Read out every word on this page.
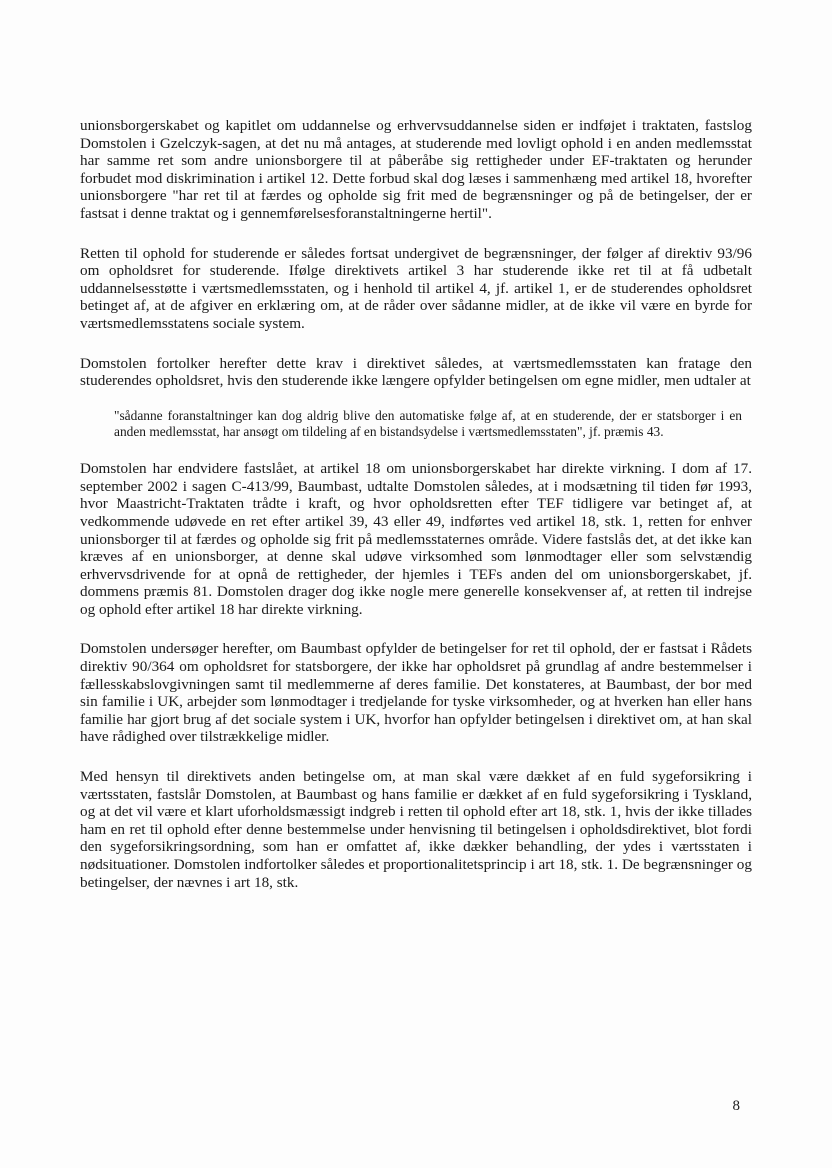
unionsborgerskabet og kapitlet om uddannelse og erhvervsuddannelse siden er indføjet i traktaten, fastslog Domstolen i Gzelczyk-sagen, at det nu må antages, at studerende med lovligt ophold i en anden medlemsstat har samme ret som andre unionsborgere til at påberåbe sig rettigheder under EF-traktaten og herunder forbudet mod diskrimination i artikel 12. Dette forbud skal dog læses i sammenhæng med artikel 18, hvorefter unionsborgere "har ret til at færdes og opholde sig frit med de begrænsninger og på de betingelser, der er fastsat i denne traktat og i gennemførelsesforanstaltningerne hertil".

Retten til ophold for studerende er således fortsat undergivet de begrænsninger, der følger af direktiv 93/96 om opholdsret for studerende. Ifølge direktivets artikel 3 har studerende ikke ret til at få udbetalt uddannelsesstøtte i værtsmedlemsstaten, og i henhold til artikel 4, jf. artikel 1, er de studerendes opholdsret betinget af, at de afgiver en erklæring om, at de råder over sådanne midler, at de ikke vil være en byrde for værtsmedlemsstatens sociale system.

Domstolen fortolker herefter dette krav i direktivet således, at værtsmedlemsstaten kan fratage den studerendes opholdsret, hvis den studerende ikke længere opfylder betingelsen om egne midler, men udtaler at

"sådanne foranstaltninger kan dog aldrig blive den automatiske følge af, at en studerende, der er statsborger i en anden medlemsstat, har ansøgt om tildeling af en bistandsydelse i værtsmedlemsstaten", jf. præmis 43.

Domstolen har endvidere fastslået, at artikel 18 om unionsborgerskabet har direkte virkning. I dom af 17. september 2002 i sagen C-413/99, Baumbast, udtalte Domstolen således, at i modsætning til tiden før 1993, hvor Maastricht-Traktaten trådte i kraft, og hvor opholdsretten efter TEF tidligere var betinget af, at vedkommende udøvede en ret efter artikel 39, 43 eller 49, indførtes ved artikel 18, stk. 1, retten for enhver unionsborger til at færdes og opholde sig frit på medlemsstaternes område. Videre fastslås det, at det ikke kan kræves af en unionsborger, at denne skal udøve virksomhed som lønmodtager eller som selvstændig erhvervsdrivende for at opnå de rettigheder, der hjemles i TEFs anden del om unionsborgerskabet, jf. dommens præmis 81. Domstolen drager dog ikke nogle mere generelle konsekvenser af, at retten til indrejse og ophold efter artikel 18 har direkte virkning.

Domstolen undersøger herefter, om Baumbast opfylder de betingelser for ret til ophold, der er fastsat i Rådets direktiv 90/364 om opholdsret for statsborgere, der ikke har opholdsret på grundlag af andre bestemmelser i fællesskabslovgivningen samt til medlemmerne af deres familie. Det konstateres, at Baumbast, der bor med sin familie i UK, arbejder som lønmodtager i tredjelande for tyske virksomheder, og at hverken han eller hans familie har gjort brug af det sociale system i UK, hvorfor han opfylder betingelsen i direktivet om, at han skal have rådighed over tilstrækkelige midler.

Med hensyn til direktivets anden betingelse om, at man skal være dækket af en fuld sygeforsikring i værtsstaten, fastslår Domstolen, at Baumbast og hans familie er dækket af en fuld sygeforsikring i Tyskland, og at det vil være et klart uforholdsmæssigt indgreb i retten til ophold efter art 18, stk. 1, hvis der ikke tillades ham en ret til ophold efter denne bestemmelse under henvisning til betingelsen i opholdsdirektivet, blot fordi den sygeforsikringsordning, som han er omfattet af, ikke dækker behandling, der ydes i værtsstaten i nødsituationer. Domstolen indfortolker således et proportionalitetsprincip i art 18, stk. 1. De begrænsninger og betingelser, der nævnes i art 18, stk.

8
